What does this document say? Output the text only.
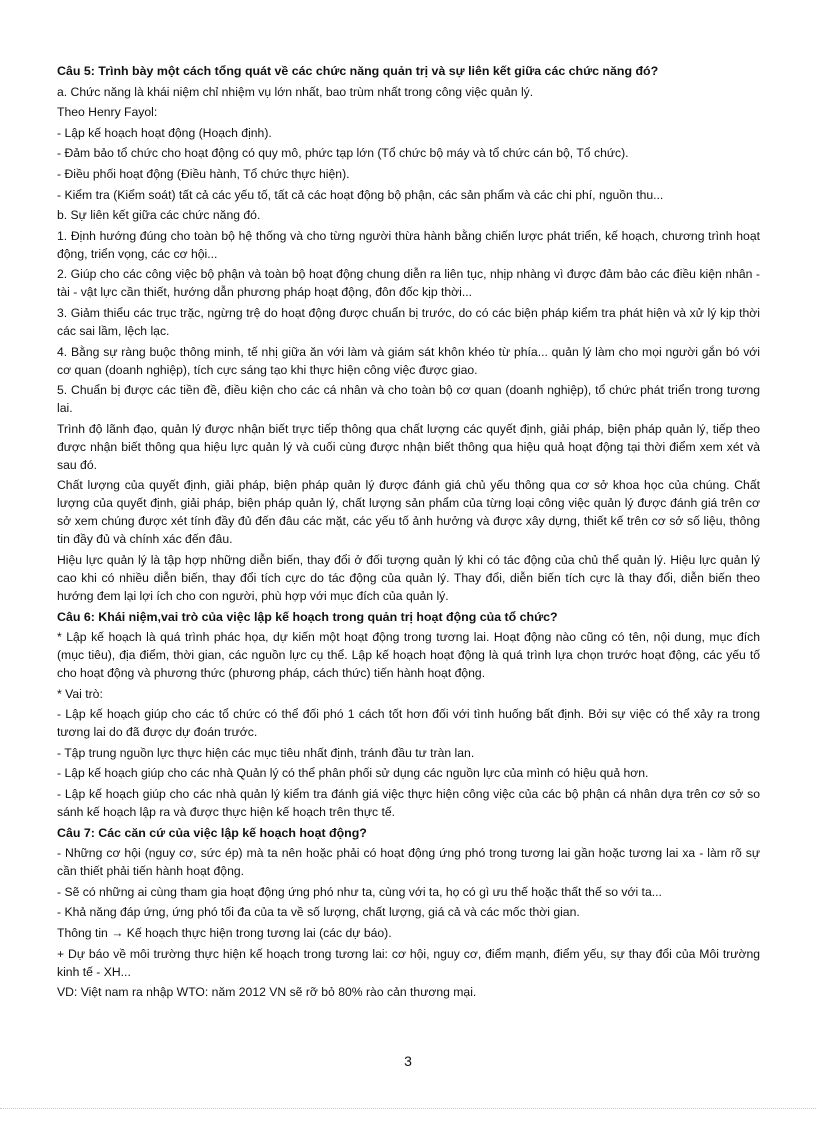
Câu 5: Trình bày một cách tổng quát về các chức năng quản trị và sự liên kết giữa các chức năng đó?

a. Chức năng là khái niệm chỉ nhiệm vụ lớn nhất, bao trùm nhất trong công việc quản lý.

Theo Henry Fayol:

- Lập kế hoạch hoạt động (Hoạch định).

- Đảm bảo tổ chức cho hoạt động có quy mô, phức tạp lớn (Tổ chức bộ máy và tổ chức cán bộ, Tổ chức).

- Điều phối hoạt động (Điều hành, Tổ chức thực hiện).

- Kiểm tra (Kiểm soát) tất cả các yếu tố, tất cả các hoạt động bộ phận, các sản phẩm và các chi phí, nguồn thu...

b. Sự liên kết giữa các chức năng đó.

1. Định hướng đúng cho toàn bộ hệ thống và cho từng người thừa hành bằng chiến lược phát triển, kế hoạch, chương trình hoạt động, triển vọng, các cơ hội...

2. Giúp cho các công việc bộ phận và toàn bộ hoạt động chung diễn ra liên tục, nhịp nhàng vì được đảm bảo các điều kiện nhân - tài - vật lực cần thiết, hướng dẫn phương pháp hoạt động, đôn đốc kịp thời...

3. Giảm thiểu các trục trặc, ngừng trệ do hoạt động được chuẩn bị trước, do có các biện pháp kiểm tra phát hiện và xử lý kịp thời các sai lầm, lệch lạc.

4. Bằng sự ràng buộc thông minh, tế nhị giữa ăn với làm và giám sát khôn khéo từ phía... quản lý làm cho mọi người gắn bó với cơ quan (doanh nghiệp), tích cực sáng tạo khi thực hiện công việc được giao.

5. Chuẩn bị được các tiền đề, điều kiện cho các cá nhân và cho toàn bộ cơ quan (doanh nghiệp), tổ chức phát triển trong tương lai.

Trình độ lãnh đạo, quản lý được nhận biết trực tiếp thông qua chất lượng các quyết định, giải pháp, biện pháp quản lý, tiếp theo được nhận biết thông qua hiệu lực quản lý và cuối cùng được nhận biết thông qua hiệu quả hoạt động tại thời điểm xem xét và sau đó.

Chất lượng của quyết định, giải pháp, biện pháp quản lý được đánh giá chủ yếu thông qua cơ sở khoa học của chúng. Chất lượng của quyết định, giải pháp, biện pháp quản lý, chất lượng sản phẩm của từng loại công việc quản lý được đánh giá trên cơ sở xem chúng được xét tính đầy đủ đến đâu các mặt, các yếu tố ảnh hưởng và được xây dựng, thiết kế trên cơ sở số liệu, thông tin đầy đủ và chính xác đến đâu.

Hiệu lực quản lý là tập hợp những diễn biến, thay đổi ở đối tượng quản lý khi có tác động của chủ thể quản lý. Hiệu lực quản lý cao khi có nhiều diễn biến, thay đổi tích cực do tác động của quản lý. Thay đổi, diễn biến tích cực là thay đổi, diễn biến theo hướng đem lại lợi ích cho con người, phù hợp với mục đích của quản lý.

Câu 6: Khái niệm,vai trò của việc lập kế hoạch trong quản trị hoạt động của tổ chức?

* Lập kế hoạch là quá trình phác họa, dự kiến một hoạt động trong tương lai. Hoạt động nào cũng có tên, nội dung, mục đích (mục tiêu), địa điểm, thời gian, các nguồn lực cụ thể. Lập kế hoạch hoạt động là quá trình lựa chọn trước hoạt động, các yếu tố cho hoạt động và phương thức (phương pháp, cách thức) tiến hành hoạt động.

* Vai trò:

- Lập kế hoạch giúp cho các tổ chức có thể đối phó 1 cách tốt hơn đối với tình huống bất định. Bởi sự việc có thể xảy ra trong tương lai do đã được dự đoán trước.

- Tập trung nguồn lực thực hiện các mục tiêu nhất định, tránh đầu tư tràn lan.

- Lập kế hoạch giúp cho các nhà Quản lý có thể phân phối sử dụng các nguồn lực của mình có hiệu quả hơn.

- Lập kế hoạch giúp cho các nhà quản lý kiểm tra đánh giá việc thực hiện công việc của các bộ phận cá nhân dựa trên cơ sở so sánh kế hoạch lập ra và được thực hiện kế hoạch trên thực tế.

Câu 7: Các căn cứ của việc lập kế hoạch hoạt động?

- Những cơ hội (nguy cơ, sức ép) mà ta nên hoặc phải có hoạt động ứng phó trong tương lai gần hoặc tương lai xa - làm rõ sự cần thiết phải tiến hành hoạt động.

- Sẽ có những ai cùng tham gia hoạt động ứng phó như ta, cùng với ta, họ có gì ưu thế hoặc thất thế so với ta...

- Khả năng đáp ứng, ứng phó tối đa của ta về số lượng, chất lượng, giá cả và các mốc thời gian.

Thông tin → Kế hoạch thực hiện trong tương lai (các dự báo).

+ Dự báo về môi trường thực hiện kế hoạch trong tương lai: cơ hội, nguy cơ, điểm mạnh, điểm yếu, sự thay đổi của Môi trường kinh tế - XH...

VD: Việt nam ra nhập WTO: năm 2012 VN sẽ rỡ bỏ 80% rào cản thương mại.

3
